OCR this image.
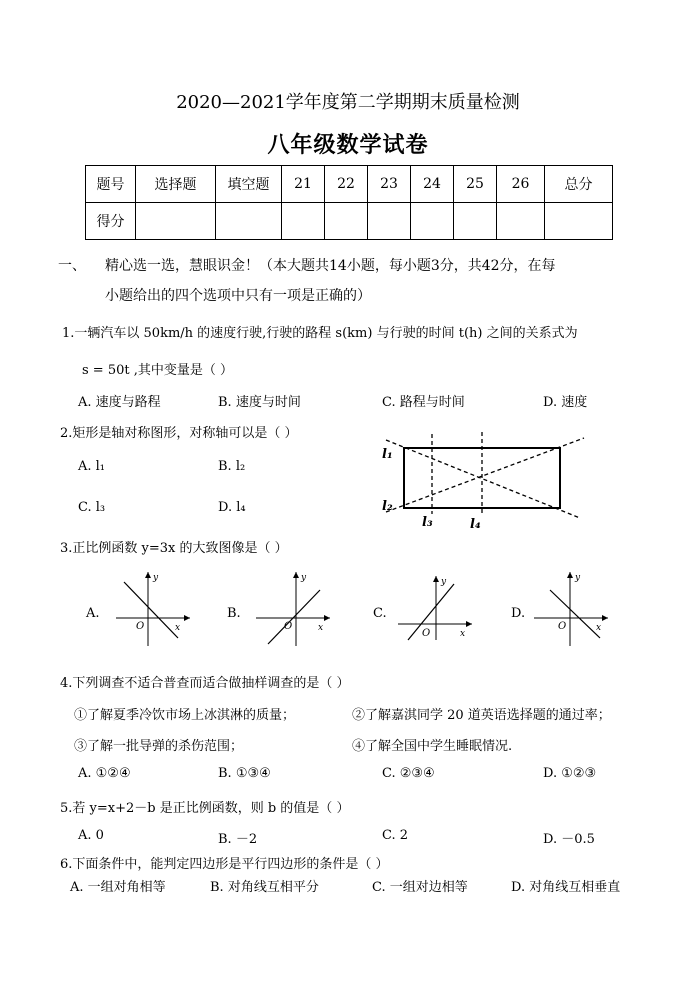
2020—2021学年度第二学期期末质量检测
八年级数学试卷
题号	选择题	填空题	21	22	23	24	25	26	总分
得分									
一、 精心选一选，慧眼识金！（本大题共14小题，每小题3分，共42分，在每
小题给出的四个选项中只有一项是正确的）
1.一辆汽车以 50km/h 的速度行驶,行驶的路程 s(km) 与行驶的时间 t(h) 之间的关系式为
s = 50t ,其中变量是（ ）
A. 速度与路程	B. 速度与时间	C. 路程与时间	D. 速度
2.矩形是轴对称图形，对称轴可以是（ ）
A. l₁	B. l₂
C. l₃	D. l₄
l₁
l₂
l₃	l₄
3.正比例函数 y=3x 的大致图像是（ ）
A.
y
x
O
B.
y
x
O
C.
y
x
O
D.
y
x
O
4.下列调查不适合普查而适合做抽样调查的是（ ）
①了解夏季冷饮市场上冰淇淋的质量；	②了解嘉淇同学 20 道英语选择题的通过率；
③了解一批导弹的杀伤范围；	④了解全国中学生睡眠情况.
A. ①②④	B. ①③④	C. ②③④	D. ①②③
5.若 y=x+2－b 是正比例函数，则 b 的值是（ ）
A. 0	B. －2	C. 2	D. －0.5
6.下面条件中，能判定四边形是平行四边形的条件是（ ）
A. 一组对角相等	B. 对角线互相平分	C. 一组对边相等	D. 对角线互相垂直
